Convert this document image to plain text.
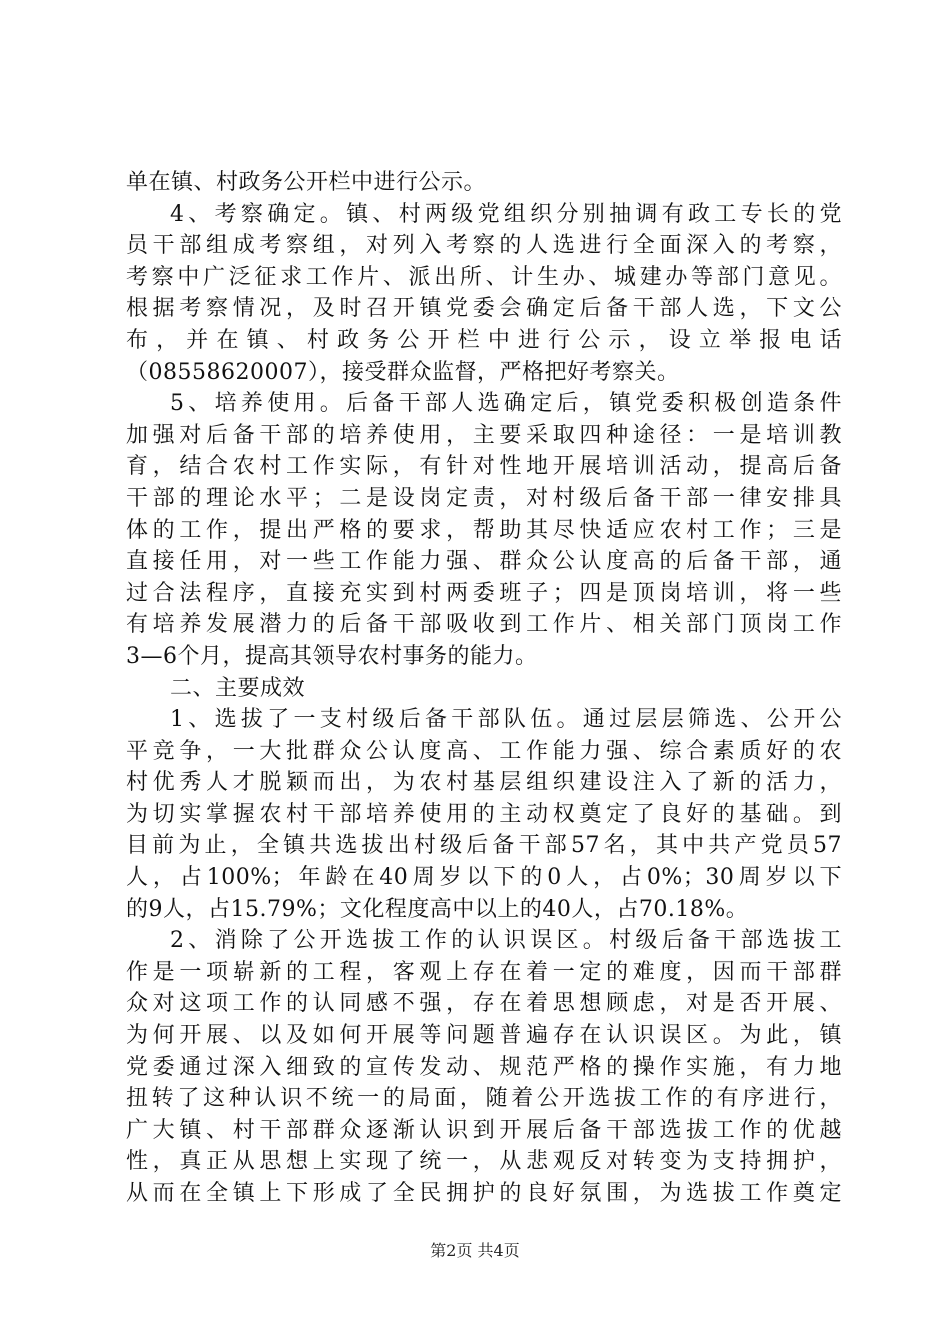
单在镇、村政务公开栏中进行公示。
4、考察确定。镇、村两级党组织分别抽调有政工专长的党
员干部组成考察组，对列入考察的人选进行全面深入的考察，
考察中广泛征求工作片、派出所、计生办、城建办等部门意见。
根据考察情况，及时召开镇党委会确定后备干部人选，下文公
布，并在镇、村政务公开栏中进行公示，设立举报电话
（08558620007），接受群众监督，严格把好考察关。
5、培养使用。后备干部人选确定后，镇党委积极创造条件
加强对后备干部的培养使用，主要采取四种途径：一是培训教
育，结合农村工作实际，有针对性地开展培训活动，提高后备
干部的理论水平；二是设岗定责，对村级后备干部一律安排具
体的工作，提出严格的要求，帮助其尽快适应农村工作；三是
直接任用，对一些工作能力强、群众公认度高的后备干部，通
过合法程序，直接充实到村两委班子；四是顶岗培训，将一些
有培养发展潜力的后备干部吸收到工作片、相关部门顶岗工作
3—6个月，提高其领导农村事务的能力。
二、主要成效
1、选拔了一支村级后备干部队伍。通过层层筛选、公开公
平竞争，一大批群众公认度高、工作能力强、综合素质好的农
村优秀人才脱颖而出，为农村基层组织建设注入了新的活力，
为切实掌握农村干部培养使用的主动权奠定了良好的基础。到
目前为止，全镇共选拔出村级后备干部57名，其中共产党员57
人，占100%；年龄在40周岁以下的0人，占0%；30周岁以下
的9人，占15.79%；文化程度高中以上的40人，占70.18%。
2、消除了公开选拔工作的认识误区。村级后备干部选拔工
作是一项崭新的工程，客观上存在着一定的难度，因而干部群
众对这项工作的认同感不强，存在着思想顾虑，对是否开展、
为何开展、以及如何开展等问题普遍存在认识误区。为此，镇
党委通过深入细致的宣传发动、规范严格的操作实施，有力地
扭转了这种认识不统一的局面，随着公开选拔工作的有序进行，
广大镇、村干部群众逐渐认识到开展后备干部选拔工作的优越
性，真正从思想上实现了统一，从悲观反对转变为支持拥护，
从而在全镇上下形成了全民拥护的良好氛围，为选拔工作奠定
第2页 共4页
